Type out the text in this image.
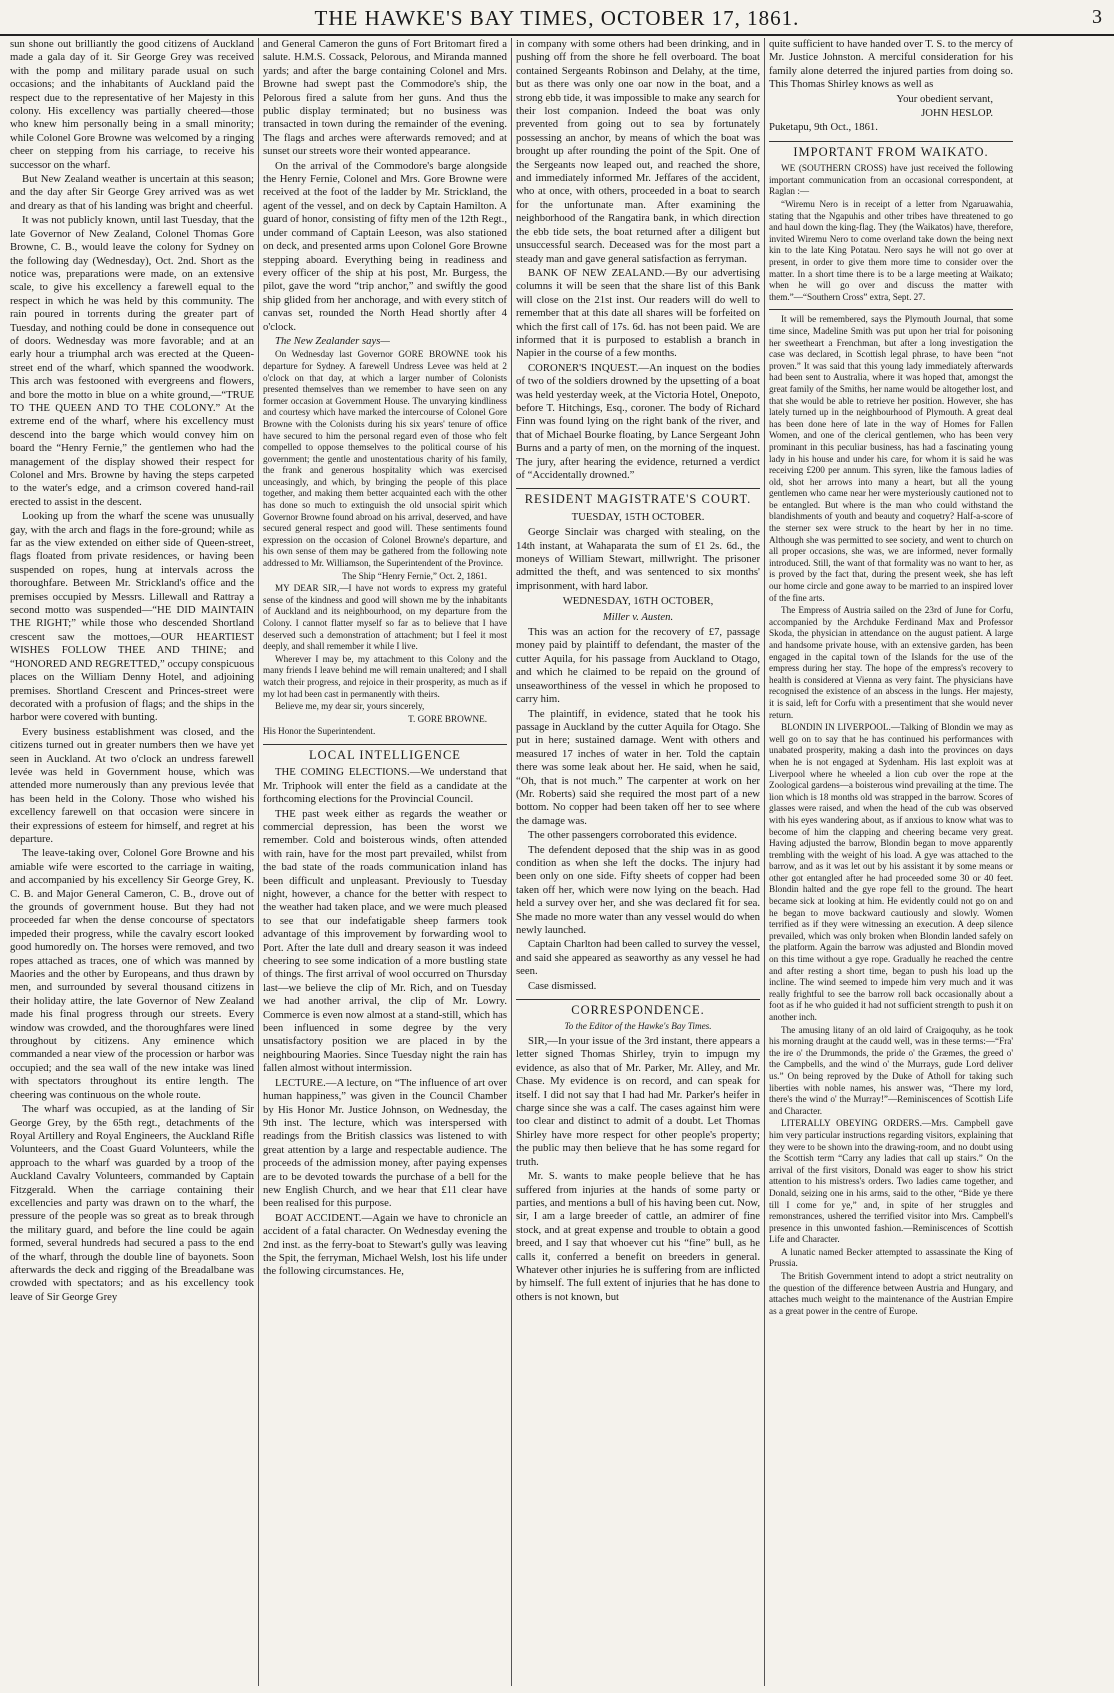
THE HAWKE'S BAY TIMES, OCTOBER 17, 1861.	3

sun shone out brilliantly the good citizens of Auckland made a gala day of it. Sir George Grey was received with the pomp and military parade usual on such occasions; and the inhabitants of Auckland paid the respect due to the representative of her Majesty in this colony. His excellency was partially cheered—those who knew him personally being in a small minority; while Colonel Gore Browne was welcomed by a ringing cheer on stepping from his carriage, to receive his successor on the wharf.

But New Zealand weather is uncertain at this season; and the day after Sir George Grey arrived was as wet and dreary as that of his landing was bright and cheerful.

It was not publicly known, until last Tuesday, that the late Governor of New Zealand, Colonel Thomas Gore Browne, C. B., would leave the colony for Sydney on the following day (Wednesday), Oct. 2nd. Short as the notice was, preparations were made, on an extensive scale, to give his excellency a farewell equal to the respect in which he was held by this community. The rain poured in torrents during the greater part of Tuesday, and nothing could be done in consequence out of doors. Wednesday was more favorable; and at an early hour a triumphal arch was erected at the Queen-street end of the wharf, which spanned the woodwork. This arch was festooned with evergreens and flowers, and bore the motto in blue on a white ground,—“TRUE TO THE QUEEN AND TO THE COLONY.” At the extreme end of the wharf, where his excellency must descend into the barge which would convey him on board the “Henry Fernie,” the gentlemen who had the management of the display showed their respect for Colonel and Mrs. Browne by having the steps carpeted to the water's edge, and a crimson covered hand-rail erected to assist in the descent.

Looking up from the wharf the scene was unusually gay, with the arch and flags in the fore-ground; while as far as the view extended on either side of Queen-street, flags floated from private residences, or having been suspended on ropes, hung at intervals across the thoroughfare. Between Mr. Strickland's office and the premises occupied by Messrs. Lillewall and Rattray a second motto was suspended—“HE DID MAINTAIN THE RIGHT;” while those who descended Shortland crescent saw the mottoes,—OUR HEARTIEST WISHES FOLLOW THEE AND THINE; and “HONORED AND REGRETTED,” occupy conspicuous places on the William Denny Hotel, and adjoining premises. Shortland Crescent and Princes-street were decorated with a profusion of flags; and the ships in the harbor were covered with bunting.

Every business establishment was closed, and the citizens turned out in greater numbers then we have yet seen in Auckland. At two o'clock an undress farewell levée was held in Government house, which was attended more numerously than any previous levée that has been held in the Colony. Those who wished his excellency farewell on that occasion were sincere in their expressions of esteem for himself, and regret at his departure.

The leave-taking over, Colonel Gore Browne and his amiable wife were escorted to the carriage in waiting, and accompanied by his excellency Sir George Grey, K. C. B. and Major General Cameron, C. B., drove out of the grounds of government house. But they had not proceeded far when the dense concourse of spectators impeded their progress, while the cavalry escort looked good humoredly on. The horses were removed, and two ropes attached as traces, one of which was manned by Maories and the other by Europeans, and thus drawn by men, and surrounded by several thousand citizens in their holiday attire, the late Governor of New Zealand made his final progress through our streets. Every window was crowded, and the thoroughfares were lined throughout by citizens. Any eminence which commanded a near view of the procession or harbor was occupied; and the sea wall of the new intake was lined with spectators throughout its entire length. The cheering was continuous on the whole route.

The wharf was occupied, as at the landing of Sir George Grey, by the 65th regt., detachments of the Royal Artillery and Royal Engineers, the Auckland Rifle Volunteers, and the Coast Guard Volunteers, while the approach to the wharf was guarded by a troop of the Auckland Cavalry Volunteers, commanded by Captain Fitzgerald. When the carriage containing their excellencies and party was drawn on to the wharf, the pressure of the people was so great as to break through the military guard, and before the line could be again formed, several hundreds had secured a pass to the end of the wharf, through the double line of bayonets. Soon afterwards the deck and rigging of the Breadalbane was crowded with spectators; and as his excellency took leave of Sir George Grey

and General Cameron the guns of Fort Britomart fired a salute. H.M.S. Cossack, Pelorous, and Miranda manned yards; and after the barge containing Colonel and Mrs. Browne had swept past the Commodore's ship, the Pelorous fired a salute from her guns. And thus the public display terminated; but no business was transacted in town during the remainder of the evening. The flags and arches were afterwards removed; and at sunset our streets wore their wonted appearance.

On the arrival of the Commodore's barge alongside the Henry Fernie, Colonel and Mrs. Gore Browne were received at the foot of the ladder by Mr. Strickland, the agent of the vessel, and on deck by Captain Hamilton. A guard of honor, consisting of fifty men of the 12th Regt., under command of Captain Leeson, was also stationed on deck, and presented arms upon Colonel Gore Browne stepping aboard. Everything being in readiness and every officer of the ship at his post, Mr. Burgess, the pilot, gave the word “trip anchor,” and swiftly the good ship glided from her anchorage, and with every stitch of canvas set, rounded the North Head shortly after 4 o'clock.

The New Zealander says—

On Wednesday last Governor GORE BROWNE took his departure for Sydney. A farewell Undress Levee was held at 2 o'clock on that day, at which a larger number of Colonists presented themselves than we remember to have seen on any former occasion at Government House. The unvarying kindliness and courtesy which have marked the intercourse of Colonel Gore Browne with the Colonists during his six years' tenure of office have secured to him the personal regard even of those who felt compelled to oppose themselves to the political course of his government; the gentle and unostentatious charity of his family, the frank and generous hospitality which was exercised unceasingly, and which, by bringing the people of this place together, and making them better acquainted each with the other has done so much to extinguish the old unsocial spirit which Governor Browne found abroad on his arrival, deserved, and have secured general respect and good will. These sentiments found expression on the occasion of Colonel Browne's departure, and his own sense of them may be gathered from the following note addressed to Mr. Williamson, the Superintendent of the Province.

The Ship “Henry Fernie,” Oct. 2, 1861.

MY DEAR SIR,—I have not words to express my grateful sense of the kindness and good will shown me by the inhabitants of Auckland and its neighbourhood, on my departure from the Colony. I cannot flatter myself so far as to believe that I have deserved such a demonstration of attachment; but I feel it most deeply, and shall remember it while I live.

Wherever I may be, my attachment to this Colony and the many friends I leave behind me will remain unaltered; and I shall watch their progress, and rejoice in their prosperity, as much as if my lot had been cast in permanently with theirs.

Believe me, my dear sir, yours sincerely,

T. GORE BROWNE.

His Honor the Superintendent.

LOCAL INTELLIGENCE

THE COMING ELECTIONS.—We understand that Mr. Triphook will enter the field as a candidate at the forthcoming elections for the Provincial Council.

THE past week either as regards the weather or commercial depression, has been the worst we remember. Cold and boisterous winds, often attended with rain, have for the most part prevailed, whilst from the bad state of the roads communication inland has been difficult and unpleasant. Previously to Tuesday night, however, a chance for the better with respect to the weather had taken place, and we were much pleased to see that our indefatigable sheep farmers took advantage of this improvement by forwarding wool to Port. After the late dull and dreary season it was indeed cheering to see some indication of a more bustling state of things. The first arrival of wool occurred on Thursday last—we believe the clip of Mr. Rich, and on Tuesday we had another arrival, the clip of Mr. Lowry. Commerce is even now almost at a stand-still, which has been influenced in some degree by the very unsatisfactory position we are placed in by the neighbouring Maories. Since Tuesday night the rain has fallen almost without intermission.

LECTURE.—A lecture, on “The influence of art over human happiness,” was given in the Council Chamber by His Honor Mr. Justice Johnson, on Wednesday, the 9th inst. The lecture, which was interspersed with readings from the British classics was listened to with great attention by a large and respectable audience. The proceeds of the admission money, after paying expenses are to be devoted towards the purchase of a bell for the new English Church, and we hear that £11 clear have been realised for this purpose.

BOAT ACCIDENT.—Again we have to chronicle an accident of a fatal character. On Wednesday evening the 2nd inst. as the ferry-boat to Stewart's gully was leaving the Spit, the ferryman, Michael Welsh, lost his life under the following circumstances. He,

in company with some others had been drinking, and in pushing off from the shore he fell overboard. The boat contained Sergeants Robinson and Delahy, at the time, but as there was only one oar now in the boat, and a strong ebb tide, it was impossible to make any search for their lost companion. Indeed the boat was only prevented from going out to sea by fortunately possessing an anchor, by means of which the boat was brought up after rounding the point of the Spit. One of the Sergeants now leaped out, and reached the shore, and immediately informed Mr. Jeffares of the accident, who at once, with others, proceeded in a boat to search for the unfortunate man. After examining the neighborhood of the Rangatira bank, in which direction the ebb tide sets, the boat returned after a diligent but unsuccessful search. Deceased was for the most part a steady man and gave general satisfaction as ferryman.

BANK OF NEW ZEALAND.—By our advertising columns it will be seen that the share list of this Bank will close on the 21st inst. Our readers will do well to remember that at this date all shares will be forfeited on which the first call of 17s. 6d. has not been paid. We are informed that it is purposed to establish a branch in Napier in the course of a few months.

CORONER'S INQUEST.—An inquest on the bodies of two of the soldiers drowned by the upsetting of a boat was held yesterday week, at the Victoria Hotel, Onepoto, before T. Hitchings, Esq., coroner. The body of Richard Finn was found lying on the right bank of the river, and that of Michael Bourke floating, by Lance Sergeant John Burns and a party of men, on the morning of the inquest. The jury, after hearing the evidence, returned a verdict of “Accidentally drowned.”

RESIDENT MAGISTRATE'S COURT.
TUESDAY, 15TH OCTOBER.

George Sinclair was charged with stealing, on the 14th instant, at Wahaparata the sum of £1 2s. 6d., the moneys of William Stewart, millwright. The prisoner admitted the theft, and was sentenced to six months' imprisonment, with hard labor.

WEDNESDAY, 16TH OCTOBER,
Miller v. Austen.

This was an action for the recovery of £7, passage money paid by plaintiff to defendant, the master of the cutter Aquila, for his passage from Auckland to Otago, and which he claimed to be repaid on the ground of unseaworthiness of the vessel in which he proposed to carry him.

The plaintiff, in evidence, stated that he took his passage in Auckland by the cutter Aquila for Otago. She put in here; sustained damage. Went with others and measured 17 inches of water in her. Told the captain there was some leak about her. He said, when he said, “Oh, that is not much.” The carpenter at work on her (Mr. Roberts) said she required the most part of a new bottom. No copper had been taken off her to see where the damage was.

The other passengers corroborated this evidence.

The defendent deposed that the ship was in as good condition as when she left the docks. The injury had been only on one side. Fifty sheets of copper had been taken off her, which were now lying on the beach. Had held a survey over her, and she was declared fit for sea. She made no more water than any vessel would do when newly launched.

Captain Charlton had been called to survey the vessel, and said she appeared as seaworthy as any vessel he had seen.

Case dismissed.

CORRESPONDENCE.
To the Editor of the Hawke's Bay Times.

SIR,—In your issue of the 3rd instant, there appears a letter signed Thomas Shirley, tryin to impugn my evidence, as also that of Mr. Parker, Mr. Alley, and Mr. Chase. My evidence is on record, and can speak for itself. I did not say that I had had Mr. Parker's heifer in charge since she was a calf. The cases against him were too clear and distinct to admit of a doubt. Let Thomas Shirley have more respect for other people's property; the public may then believe that he has some regard for truth.

Mr. S. wants to make people believe that he has suffered from injuries at the hands of some party or parties, and mentions a bull of his having been cut. Now, sir, I am a large breeder of cattle, an admirer of fine stock, and at great expense and trouble to obtain a good breed, and I say that whoever cut his “fine” bull, as he calls it, conferred a benefit on breeders in general. Whatever other injuries he is suffering from are inflicted by himself. The full extent of injuries that he has done to others is not known, but

quite sufficient to have handed over T. S. to the mercy of Mr. Justice Johnston. A merciful consideration for his family alone deterred the injured parties from doing so. This Thomas Shirley knows as well as

Your obedient servant,

JOHN HESLOP.

Puketapu, 9th Oct., 1861.

IMPORTANT FROM WAIKATO.

WE (SOUTHERN CROSS) have just received the following important communication from an occasional correspondent, at Raglan :—

“Wiremu Nero is in receipt of a letter from Ngaruawahia, stating that the Ngapuhis and other tribes have threatened to go and haul down the king-flag. They (the Waikatos) have, therefore, invited Wiremu Nero to come overland take down the being next kin to the late King Potatau. Nero says he will not go over at present, in order to give them more time to consider over the matter. In a short time there is to be a large meeting at Waikato; when he will go over and discuss the matter with them.”—“Southern Cross” extra, Sept. 27.

It will be remembered, says the Plymouth Journal, that some time since, Madeline Smith was put upon her trial for poisoning her sweetheart a Frenchman, but after a long investigation the case was declared, in Scottish legal phrase, to have been “not proven.” It was said that this young lady immediately afterwards had been sent to Australia, where it was hoped that, amongst the great family of the Smiths, her name would be altogether lost, and that she would be able to retrieve her position. However, she has lately turned up in the neighbourhood of Plymouth. A great deal has been done here of late in the way of Homes for Fallen Women, and one of the clerical gentlemen, who has been very prominant in this peculiar business, has had a fascinating young lady in his house and under his care, for whom it is said he was receiving £200 per annum. This syren, like the famous ladies of old, shot her arrows into many a heart, but all the young gentlemen who came near her were mysteriously cautioned not to be entangled. But where is the man who could withstand the blandishments of youth and beauty and coquetry? Half-a-score of the sterner sex were struck to the heart by her in no time. Although she was permitted to see society, and went to church on all proper occasions, she was, we are informed, never formally introduced. Still, the want of that formality was no want to her, as is proved by the fact that, during the present week, she has left our home circle and gone away to be married to an inspired lover of the fine arts.

The Empress of Austria sailed on the 23rd of June for Corfu, accompanied by the Archduke Ferdinand Max and Professor Skoda, the physician in attendance on the august patient. A large and handsome private house, with an extensive garden, has been engaged in the capital town of the Islands for the use of the empress during her stay. The hope of the empress's recovery to health is considered at Vienna as very faint. The physicians have recognised the existence of an abscess in the lungs. Her majesty, it is said, left for Corfu with a presentiment that she would never return.

BLONDIN IN LIVERPOOL.—Talking of Blondin we may as well go on to say that he has continued his performances with unabated prosperity, making a dash into the provinces on days when he is not engaged at Sydenham. His last exploit was at Liverpool where he wheeled a lion cub over the rope at the Zoological gardens—a boisterous wind prevailing at the time. The lion which is 18 months old was strapped in the barrow. Scores of glasses were raised, and when the head of the cub was observed with his eyes wandering about, as if anxious to know what was to become of him the clapping and cheering became very great. Having adjusted the barrow, Blondin began to move apparently trembling with the weight of his load. A gye was attached to the barrow, and as it was let out by his assistant it by some means or other got entangled after he had proceeded some 30 or 40 feet. Blondin halted and the gye rope fell to the ground. The heart became sick at looking at him. He evidently could not go on and he began to move backward cautiously and slowly. Women terrified as if they were witnessing an execution. A deep silence prevailed, which was only broken when Blondin landed safely on the platform. Again the barrow was adjusted and Blondin moved on this time without a gye rope. Gradually he reached the centre and after resting a short time, began to push his load up the incline. The wind seemed to impede him very much and it was really frightful to see the barrow roll back occasionally about a foot as if he who guided it had not sufficient strength to push it on another inch.

The amusing litany of an old laird of Craigoquhy, as he took his morning draught at the caudd well, was in these terms:—“Fra' the ire o' the Drummonds, the pride o' the Græmes, the greed o' the Campbells, and the wind o' the Murrays, gude Lord deliver us.” On being reproved by the Duke of Atholl for taking such liberties with noble names, his answer was, “There my lord, there's the wind o' the Murray!”—Reminiscences of Scottish Life and Character.

LITERALLY OBEYING ORDERS.—Mrs. Campbell gave him very particular instructions regarding visitors, explaining that they were to be shown into the drawing-room, and no doubt using the Scottish term “Carry any ladies that call up stairs.” On the arrival of the first visitors, Donald was eager to show his strict attention to his mistress's orders. Two ladies came together, and Donald, seizing one in his arms, said to the other, “Bide ye there till I come for ye,” and, in spite of her struggles and remonstrances, ushered the terrified visitor into Mrs. Campbell's presence in this unwonted fashion.—Reminiscences of Scottish Life and Character.

A lunatic named Becker attempted to assassinate the King of Prussia.

The British Government intend to adopt a strict neutrality on the question of the difference between Austria and Hungary, and attaches much weight to the maintenance of the Austrian Empire as a great power in the centre of Europe.
